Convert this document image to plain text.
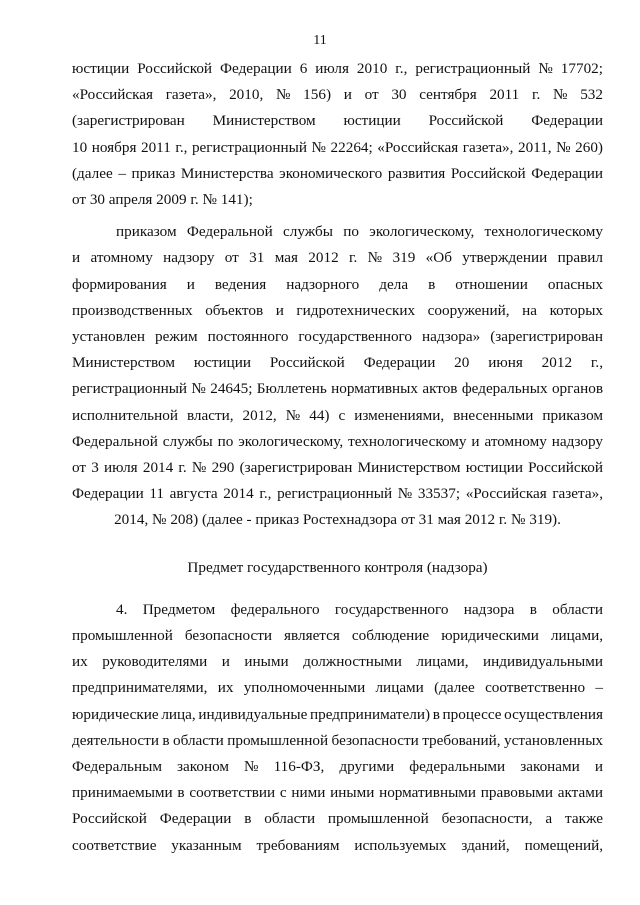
11
юстиции Российской Федерации 6 июля 2010 г., регистрационный № 17702;
«Российская газета», 2010, № 156) и от 30 сентября 2011 г. № 532
(зарегистрирован Министерством юстиции Российской Федерации
10 ноября 2011 г., регистрационный № 22264; «Российская газета», 2011, № 260)
(далее – приказ Министерства экономического развития Российской Федерации
от 30 апреля 2009 г. № 141);
приказом Федеральной службы по экологическому, технологическому
и атомному надзору от 31 мая 2012 г. № 319 «Об утверждении правил
формирования и ведения надзорного дела в отношении опасных
производственных объектов и гидротехнических сооружений, на которых
установлен режим постоянного государственного надзора» (зарегистрирован
Министерством юстиции Российской Федерации 20 июня 2012 г.,
регистрационный № 24645; Бюллетень нормативных актов федеральных органов
исполнительной власти, 2012, № 44) с изменениями, внесенными приказом
Федеральной службы по экологическому, технологическому и атомному надзору
от 3 июля 2014 г. № 290 (зарегистрирован Министерством юстиции Российской
Федерации 11 августа 2014 г., регистрационный № 33537; «Российская газета»,
2014, № 208) (далее - приказ Ростехнадзора от 31 мая 2012 г. № 319).
Предмет государственного контроля (надзора)
4. Предметом федерального государственного надзора в области
промышленной безопасности является соблюдение юридическими лицами,
их руководителями и иными должностными лицами, индивидуальными
предпринимателями, их уполномоченными лицами (далее соответственно –
юридические лица, индивидуальные предприниматели) в процессе осуществления
деятельности в области промышленной безопасности требований, установленных
Федеральным законом № 116-ФЗ, другими федеральными законами и
принимаемыми в соответствии с ними иными нормативными правовыми актами
Российской Федерации в области промышленной безопасности, а также
соответствие указанным требованиям используемых зданий, помещений,
